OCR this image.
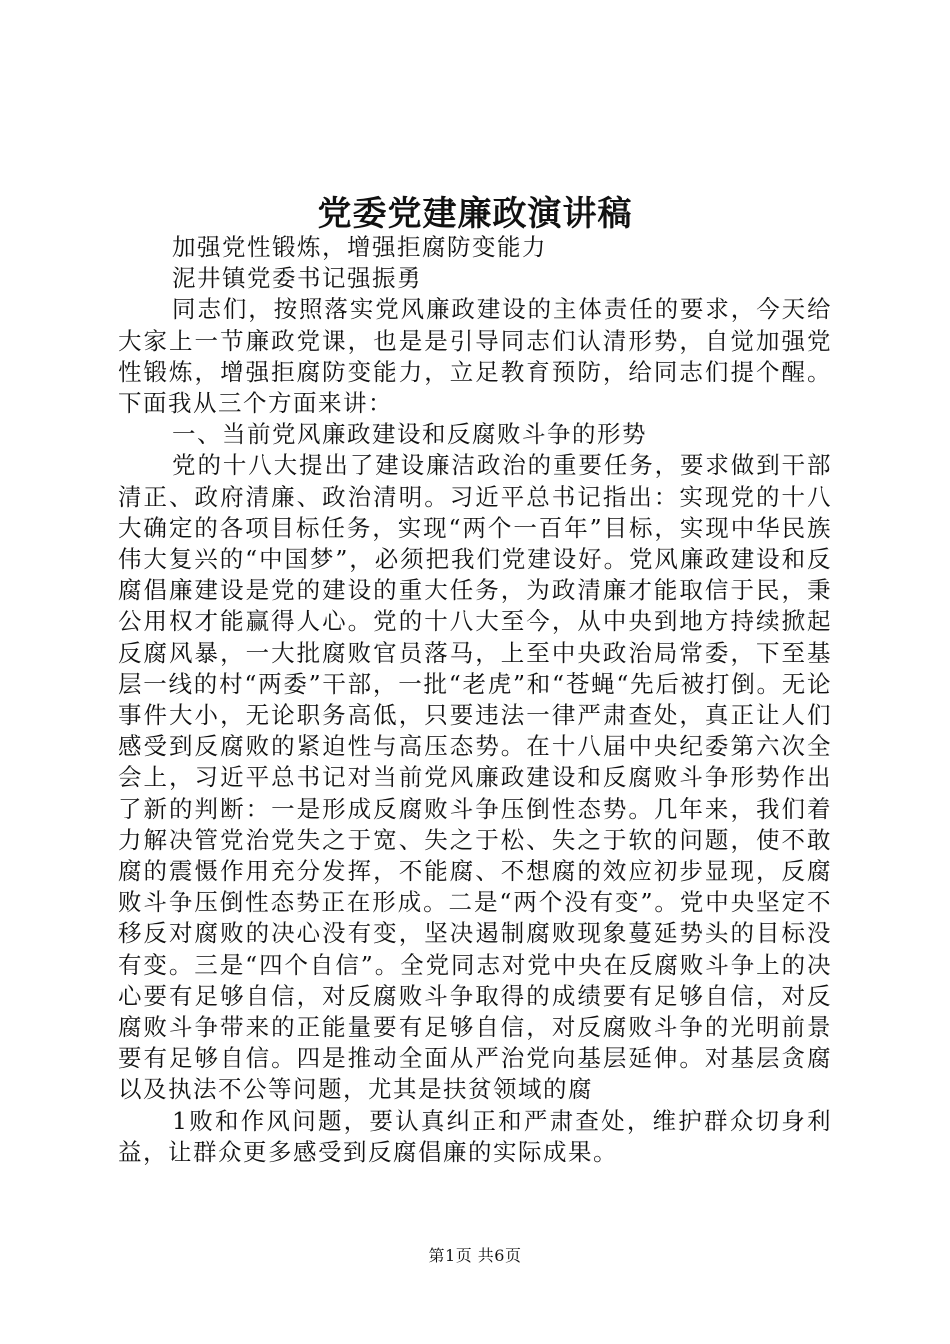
党委党建廉政演讲稿

加强党性锻炼，增强拒腐防变能力

泥井镇党委书记强振勇

同志们，按照落实党风廉政建设的主体责任的要求，今天给大家上一节廉政党课，也是是引导同志们认清形势，自觉加强党性锻炼，增强拒腐防变能力，立足教育预防，给同志们提个醒。下面我从三个方面来讲：

一、当前党风廉政建设和反腐败斗争的形势

党的十八大提出了建设廉洁政治的重要任务，要求做到干部清正、政府清廉、政治清明。习近平总书记指出：实现党的十八大确定的各项目标任务，实现“两个一百年”目标，实现中华民族伟大复兴的“中国梦”，必须把我们党建设好。党风廉政建设和反腐倡廉建设是党的建设的重大任务，为政清廉才能取信于民，秉公用权才能赢得人心。党的十八大至今，从中央到地方持续掀起反腐风暴，一大批腐败官员落马，上至中央政治局常委，下至基层一线的村“两委”干部，一批“老虎”和“苍蝇“先后被打倒。无论事件大小，无论职务高低，只要违法一律严肃查处，真正让人们感受到反腐败的紧迫性与高压态势。在十八届中央纪委第六次全会上，习近平总书记对当前党风廉政建设和反腐败斗争形势作出了新的判断：一是形成反腐败斗争压倒性态势。几年来，我们着力解决管党治党失之于宽、失之于松、失之于软的问题，使不敢腐的震慑作用充分发挥，不能腐、不想腐的效应初步显现，反腐败斗争压倒性态势正在形成。二是“两个没有变”。党中央坚定不移反对腐败的决心没有变，坚决遏制腐败现象蔓延势头的目标没有变。三是“四个自信”。全党同志对党中央在反腐败斗争上的决心要有足够自信，对反腐败斗争取得的成绩要有足够自信，对反腐败斗争带来的正能量要有足够自信，对反腐败斗争的光明前景要有足够自信。四是推动全面从严治党向基层延伸。对基层贪腐以及执法不公等问题，尤其是扶贫领域的腐

1败和作风问题，要认真纠正和严肃查处，维护群众切身利益，让群众更多感受到反腐倡廉的实际成果。

第1页 共6页
